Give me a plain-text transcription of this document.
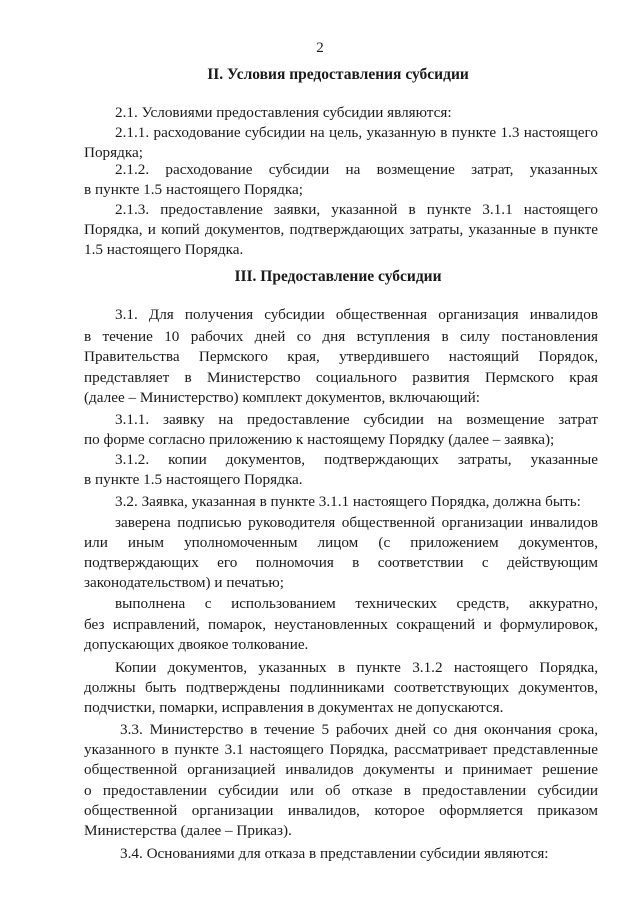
2
II. Условия предоставления субсидии
2.1. Условиями предоставления субсидии являются:
2.1.1. расходование субсидии на цель, указанную в пункте 1.3 настоящего
Порядка;
2.1.2. расходование субсидии на возмещение затрат, указанных
в пункте 1.5 настоящего Порядка;
2.1.3. предоставление заявки, указанной в пункте 3.1.1 настоящего
Порядка, и копий документов, подтверждающих затраты, указанные в пункте
1.5 настоящего Порядка.
III. Предоставление субсидии
3.1. Для получения субсидии общественная организация инвалидов
в течение 10 рабочих дней со дня вступления в силу постановления
Правительства Пермского края, утвердившего настоящий Порядок,
представляет в Министерство социального развития Пермского края
(далее – Министерство) комплект документов, включающий:
3.1.1. заявку на предоставление субсидии на возмещение затрат
по форме согласно приложению к настоящему Порядку (далее – заявка);
3.1.2. копии документов, подтверждающих затраты, указанные
в пункте 1.5 настоящего Порядка.
3.2. Заявка, указанная в пункте 3.1.1 настоящего Порядка, должна быть:
заверена подписью руководителя общественной организации инвалидов
или иным уполномоченным лицом (с приложением документов,
подтверждающих его полномочия в соответствии с действующим
законодательством) и печатью;
выполнена с использованием технических средств, аккуратно,
без исправлений, помарок, неустановленных сокращений и формулировок,
допускающих двоякое толкование.
Копии документов, указанных в пункте 3.1.2 настоящего Порядка,
должны быть подтверждены подлинниками соответствующих документов,
подчистки, помарки, исправления в документах не допускаются.
3.3. Министерство в течение 5 рабочих дней со дня окончания срока,
указанного в пункте 3.1 настоящего Порядка, рассматривает представленные
общественной организацией инвалидов документы и принимает решение
о предоставлении субсидии или об отказе в предоставлении субсидии
общественной организации инвалидов, которое оформляется приказом
Министерства (далее – Приказ).
3.4. Основаниями для отказа в представлении субсидии являются:
